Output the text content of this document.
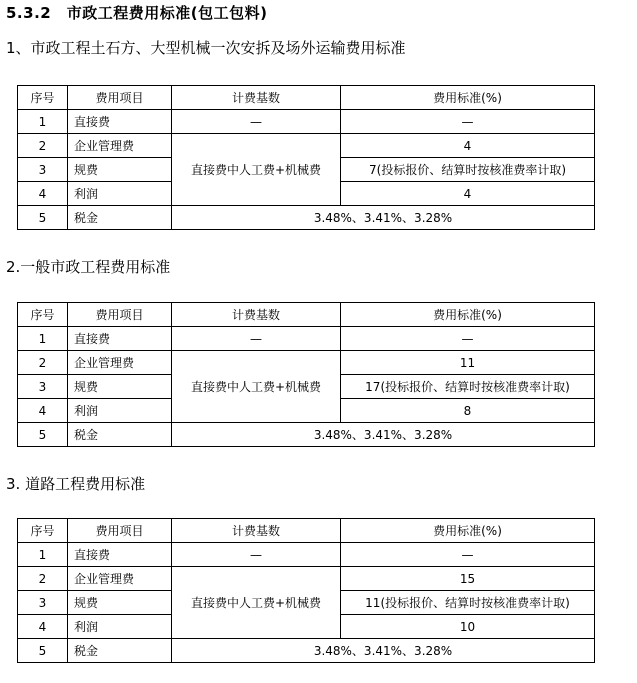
5.3.2　市政工程费用标准(包工包料)
1、市政工程土石方、大型机械一次安拆及场外运输费用标准
序号	费用项目	计费基数	费用标准(%)
1	直接费	—	—
2	企业管理费	直接费中人工费+机械费	4
3	规费		7(投标报价、结算时按核准费率计取)
4	利润		4
5	税金	3.48%、3.41%、3.28%	
2.一般市政工程费用标准
序号	费用项目	计费基数	费用标准(%)
1	直接费	—	—
2	企业管理费	直接费中人工费+机械费	11
3	规费		17(投标报价、结算时按核准费率计取)
4	利润		8
5	税金	3.48%、3.41%、3.28%	
3. 道路工程费用标准
序号	费用项目	计费基数	费用标准(%)
1	直接费	—	—
2	企业管理费	直接费中人工费+机械费	15
3	规费		11(投标报价、结算时按核准费率计取)
4	利润		10
5	税金	3.48%、3.41%、3.28%	
